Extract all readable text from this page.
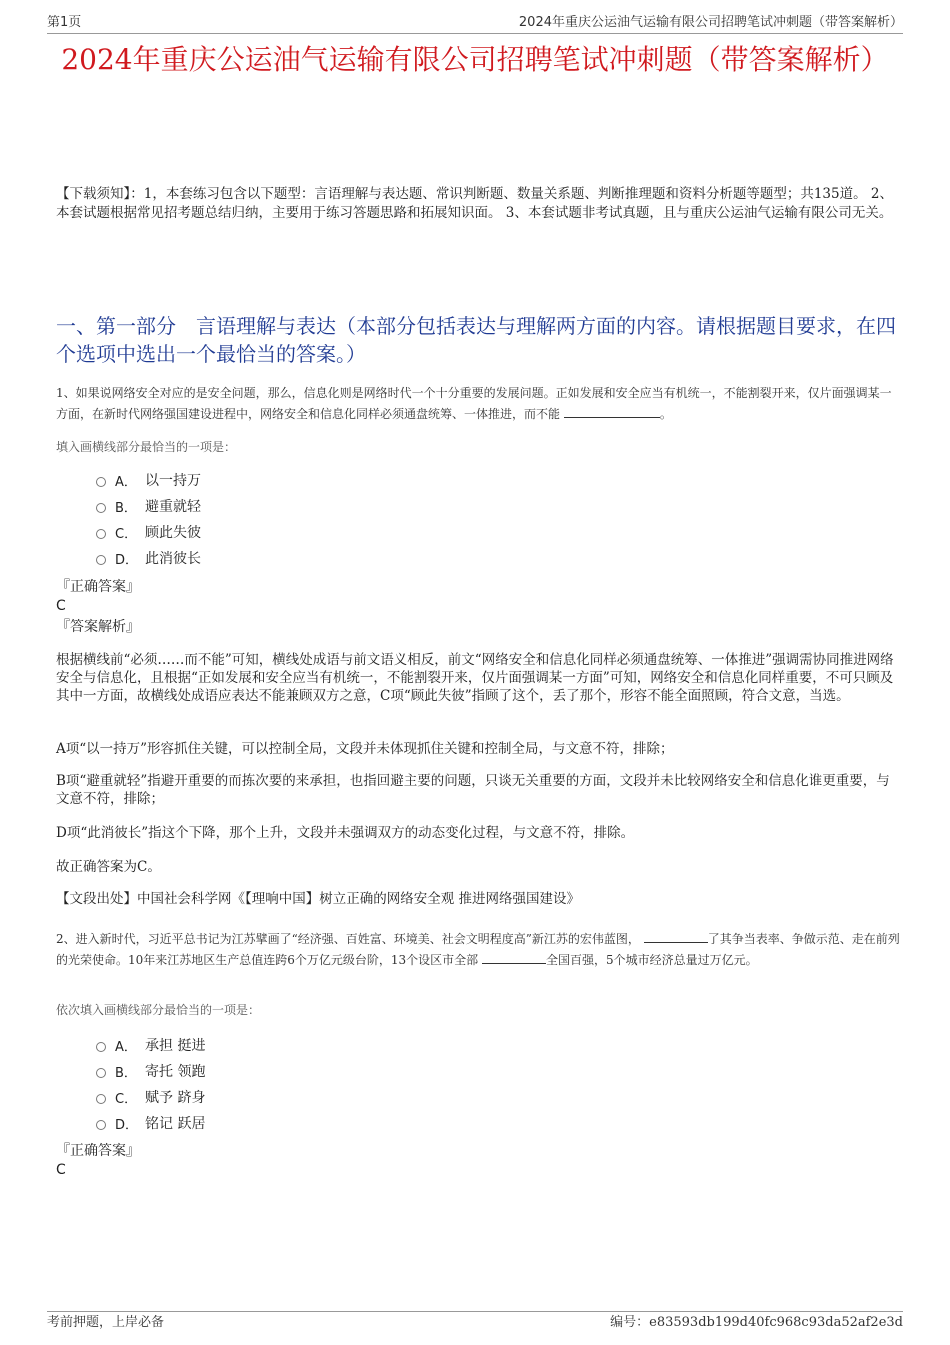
第1页	2024年重庆公运油气运输有限公司招聘笔试冲刺题（带答案解析）
2024年重庆公运油气运输有限公司招聘笔试冲刺题（带答案解析）
【下载须知】：1，本套练习包含以下题型：言语理解与表达题、常识判断题、数量关系题、判断推理题和资料分析题等题型；共135道。 2、本套试题根据常见招考题总结归纳，主要用于练习答题思路和拓展知识面。 3、本套试题非考试真题，且与重庆公运油气运输有限公司无关。
一、第一部分　言语理解与表达（本部分包括表达与理解两方面的内容。请根据题目要求，在四个选项中选出一个最恰当的答案。）
1、如果说网络安全对应的是安全问题，那么，信息化则是网络时代一个十分重要的发展问题。正如发展和安全应当有机统一，不能割裂开来，仅片面强调某一方面，在新时代网络强国建设进程中，网络安全和信息化同样必须通盘统筹、一体推进，而不能	。
填入画横线部分最恰当的一项是：
A． 以一持万
B． 避重就轻
C． 顾此失彼
D． 此消彼长
『正确答案』
C
『答案解析』
根据横线前“必须……而不能”可知，横线处成语与前文语义相反，前文“网络安全和信息化同样必须通盘统筹、一体推进”强调需协同推进网络安全与信息化，且根据“正如发展和安全应当有机统一，不能割裂开来，仅片面强调某一方面”可知，网络安全和信息化同样重要，不可只顾及其中一方面，故横线处成语应表达不能兼顾双方之意，C项“顾此失彼”指顾了这个，丢了那个，形容不能全面照顾，符合文意，当选。
A项“以一持万”形容抓住关键，可以控制全局，文段并未体现抓住关键和控制全局，与文意不符，排除；
B项“避重就轻”指避开重要的而拣次要的来承担，也指回避主要的问题，只谈无关重要的方面，文段并未比较网络安全和信息化谁更重要，与文意不符，排除；
D项“此消彼长”指这个下降，那个上升，文段并未强调双方的动态变化过程，与文意不符，排除。
故正确答案为C。
【文段出处】中国社会科学网《【理响中国】树立正确的网络安全观 推进网络强国建设》
2、进入新时代，习近平总书记为江苏擘画了“经济强、百姓富、环境美、社会文明程度高”新江苏的宏伟蓝图，	了其争当表率、争做示范、走在前列的光荣使命。10年来江苏地区生产总值连跨6个万亿元级台阶，13个设区市全部	全国百强，5个城市经济总量过万亿元。
依次填入画横线部分最恰当的一项是：
A． 承担 挺进
B． 寄托 领跑
C． 赋予 跻身
D． 铭记 跃居
『正确答案』
C
考前押题，上岸必备	编号：e83593db199d40fc968c93da52af2e3d
